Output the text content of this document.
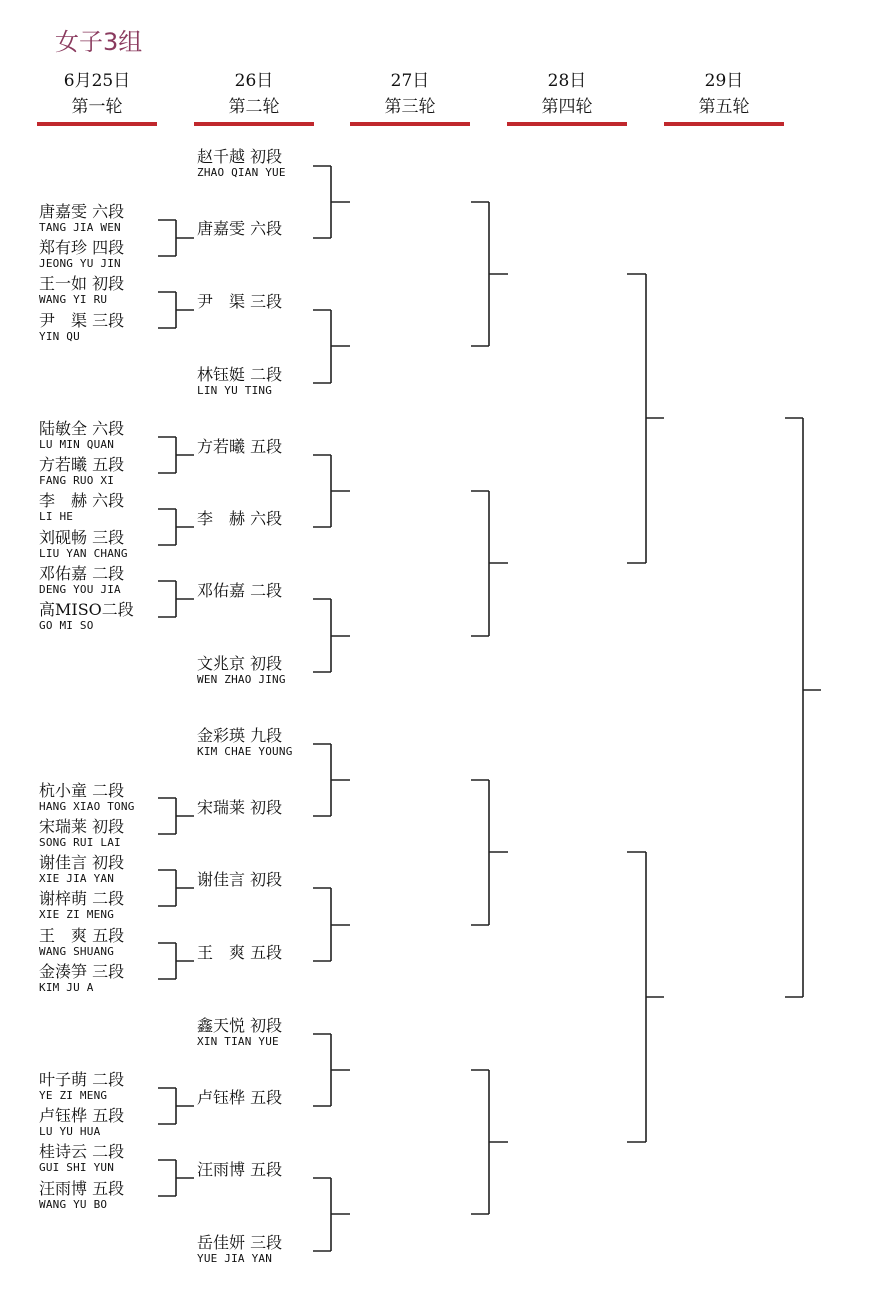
女子3组
6月25日
第一轮
26日
第二轮
27日
第三轮
28日
第四轮
29日
第五轮
唐嘉雯 六段
TANG JIA WEN
郑有珍 四段
JEONG YU JIN
王一如 初段
WANG YI RU
尹　渠 三段
YIN QU
陆敏全 六段
LU MIN QUAN
方若曦 五段
FANG RUO XI
李　赫 六段
LI HE
刘砚畅 三段
LIU YAN CHANG
邓佑嘉 二段
DENG YOU JIA
高MISO二段
GO MI SO
杭小童 二段
HANG XIAO TONG
宋瑞莱 初段
SONG RUI LAI
谢佳言 初段
XIE JIA YAN
谢梓萌 二段
XIE ZI MENG
王　爽 五段
WANG SHUANG
金湊笋 三段
KIM JU A
叶子萌 二段
YE ZI MENG
卢钰桦 五段
LU YU HUA
桂诗云 二段
GUI SHI YUN
汪雨博 五段
WANG YU BO
赵千越 初段
ZHAO QIAN YUE
唐嘉雯 六段
尹　渠 三段
林钰娗 二段
LIN YU TING
方若曦 五段
李　赫 六段
邓佑嘉 二段
文兆京 初段
WEN ZHAO JING
金彩瑛 九段
KIM CHAE YOUNG
宋瑞莱 初段
谢佳言 初段
王　爽 五段
鑫天悦 初段
XIN TIAN YUE
卢钰桦 五段
汪雨博 五段
岳佳妍 三段
YUE JIA YAN
